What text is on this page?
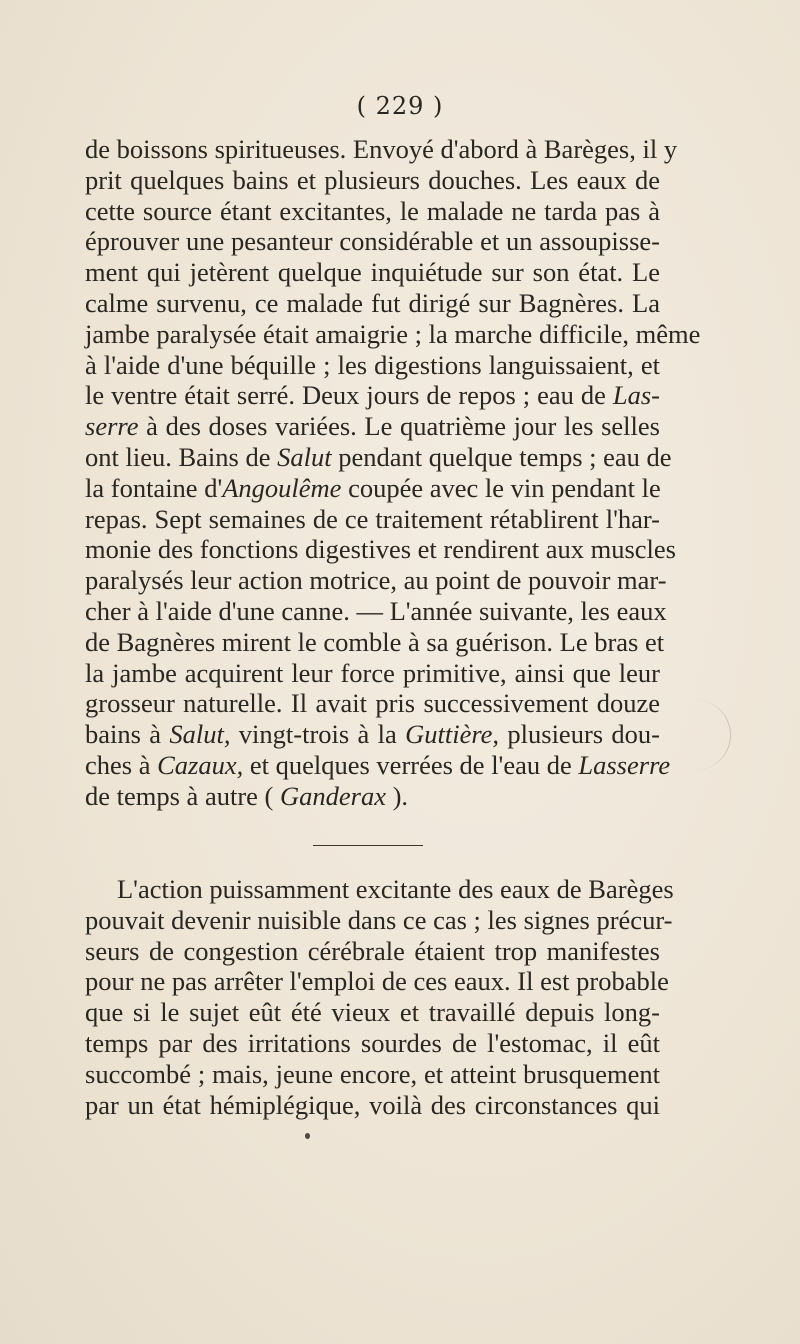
( 229 )
de boissons spiritueuses. Envoyé d'abord à Barèges, il y
prit quelques bains et plusieurs douches. Les eaux de
cette source étant excitantes, le malade ne tarda pas à
éprouver une pesanteur considérable et un assoupisse-
ment qui jetèrent quelque inquiétude sur son état. Le
calme survenu, ce malade fut dirigé sur Bagnères. La
jambe paralysée était amaigrie ; la marche difficile, même
à l'aide d'une béquille ; les digestions languissaient, et
le ventre était serré. Deux jours de repos ; eau de Las-
serre à des doses variées. Le quatrième jour les selles
ont lieu. Bains de Salut pendant quelque temps ; eau de
la fontaine d'Angoulême coupée avec le vin pendant le
repas. Sept semaines de ce traitement rétablirent l'har-
monie des fonctions digestives et rendirent aux muscles
paralysés leur action motrice, au point de pouvoir mar-
cher à l'aide d'une canne. — L'année suivante, les eaux
de Bagnères mirent le comble à sa guérison. Le bras et
la jambe acquirent leur force primitive, ainsi que leur
grosseur naturelle. Il avait pris successivement douze
bains à Salut, vingt-trois à la Guttière, plusieurs dou-
ches à Cazaux, et quelques verrées de l'eau de Lasserre
de temps à autre ( Ganderax ).
L'action puissamment excitante des eaux de Barèges
pouvait devenir nuisible dans ce cas ; les signes précur-
seurs de congestion cérébrale étaient trop manifestes
pour ne pas arrêter l'emploi de ces eaux. Il est probable
que si le sujet eût été vieux et travaillé depuis long-
temps par des irritations sourdes de l'estomac, il eût
succombé ; mais, jeune encore, et atteint brusquement
par un état hémiplégique, voilà des circonstances qui
